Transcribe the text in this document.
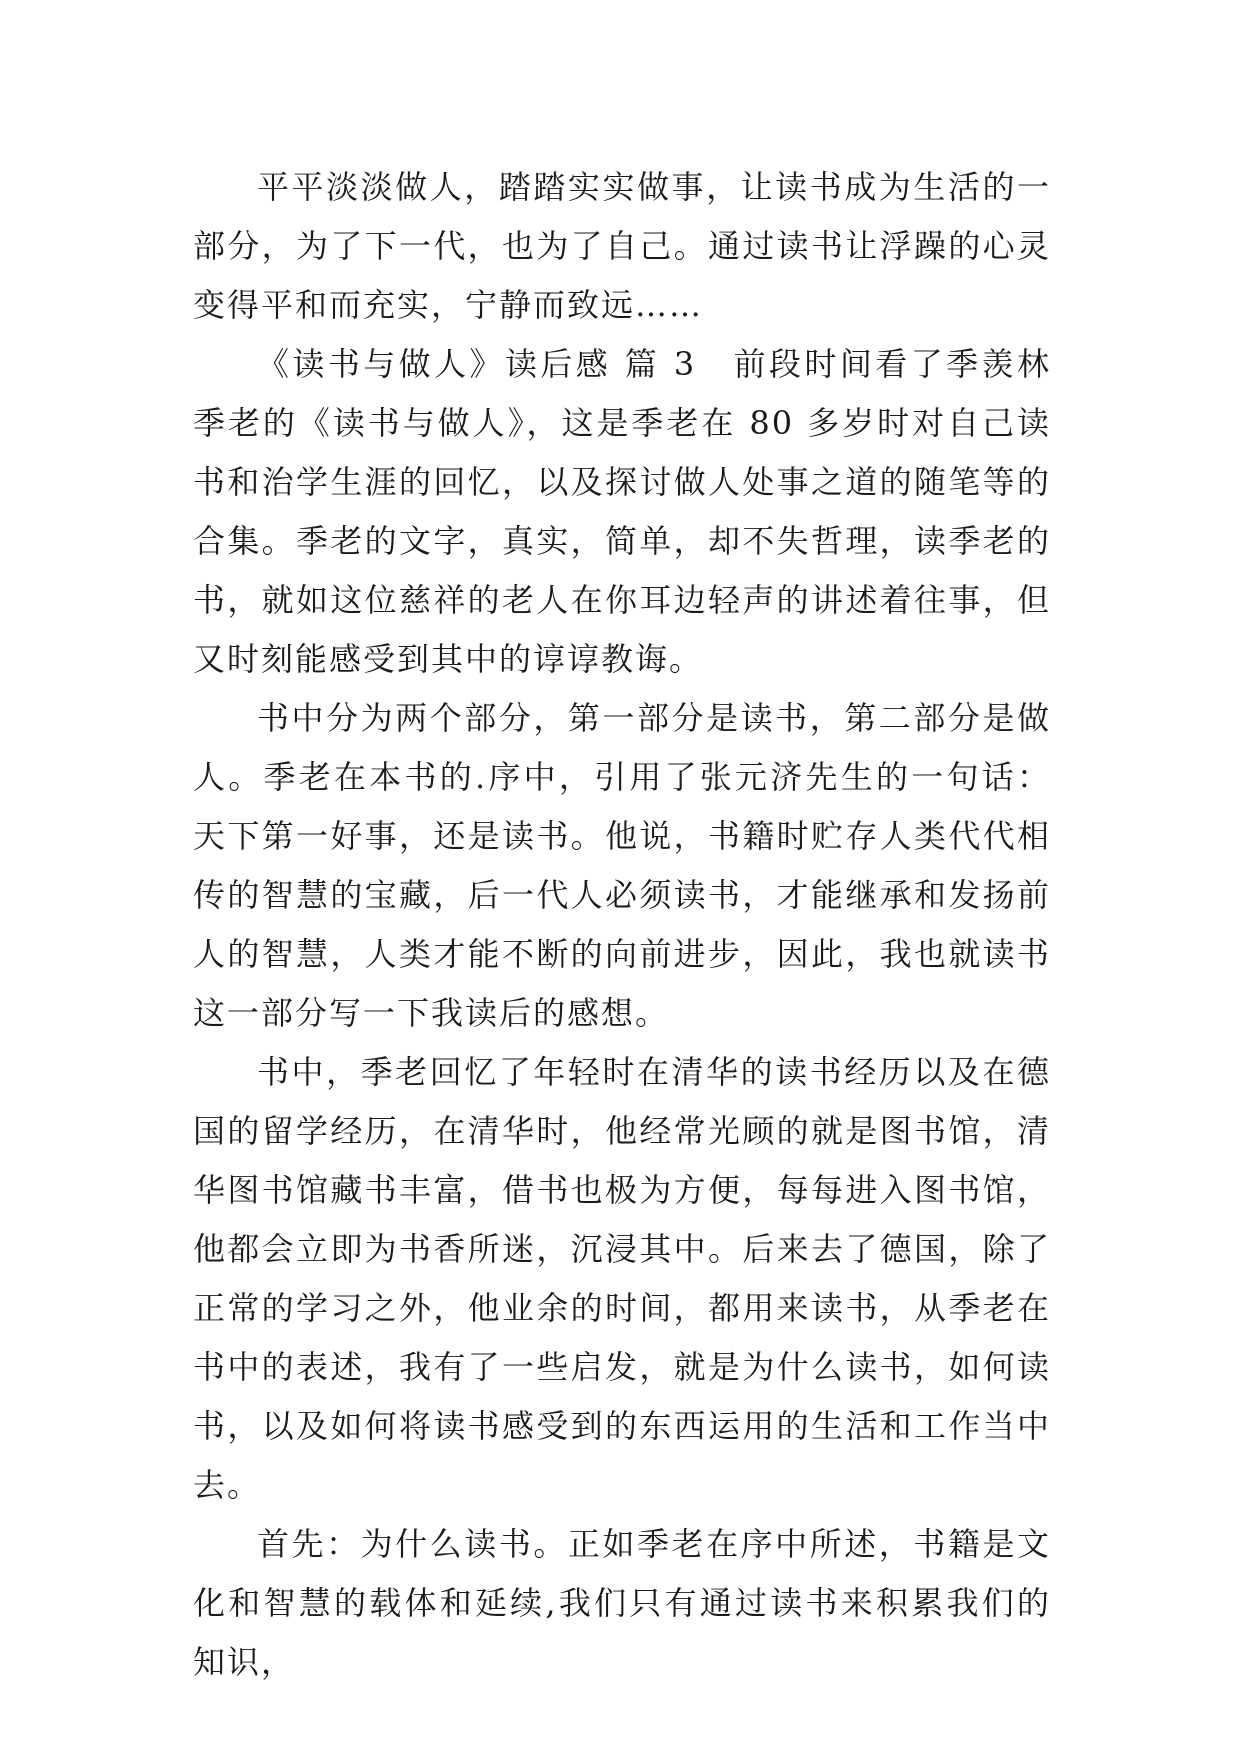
平平淡淡做人，踏踏实实做事，让读书成为生活的一部分，为了下一代，也为了自己。通过读书让浮躁的心灵变得平和而充实，宁静而致远……

《读书与做人》读后感 篇 3 前段时间看了季羡林季老的《读书与做人》，这是季老在 80 多岁时对自己读书和治学生涯的回忆，以及探讨做人处事之道的随笔等的合集。季老的文字，真实，简单，却不失哲理，读季老的书，就如这位慈祥的老人在你耳边轻声的讲述着往事，但又时刻能感受到其中的谆谆教诲。

书中分为两个部分，第一部分是读书，第二部分是做人。季老在本书的.序中，引用了张元济先生的一句话：天下第一好事，还是读书。他说，书籍时贮存人类代代相传的智慧的宝藏，后一代人必须读书，才能继承和发扬前人的智慧，人类才能不断的向前进步，因此，我也就读书这一部分写一下我读后的感想。

书中，季老回忆了年轻时在清华的读书经历以及在德国的留学经历，在清华时，他经常光顾的就是图书馆，清华图书馆藏书丰富，借书也极为方便，每每进入图书馆，他都会立即为书香所迷，沉浸其中。后来去了德国，除了正常的学习之外，他业余的时间，都用来读书，从季老在书中的表述，我有了一些启发，就是为什么读书，如何读书，以及如何将读书感受到的东西运用的生活和工作当中去。

首先：为什么读书。正如季老在序中所述，书籍是文化和智慧的载体和延续,我们只有通过读书来积累我们的知识，
